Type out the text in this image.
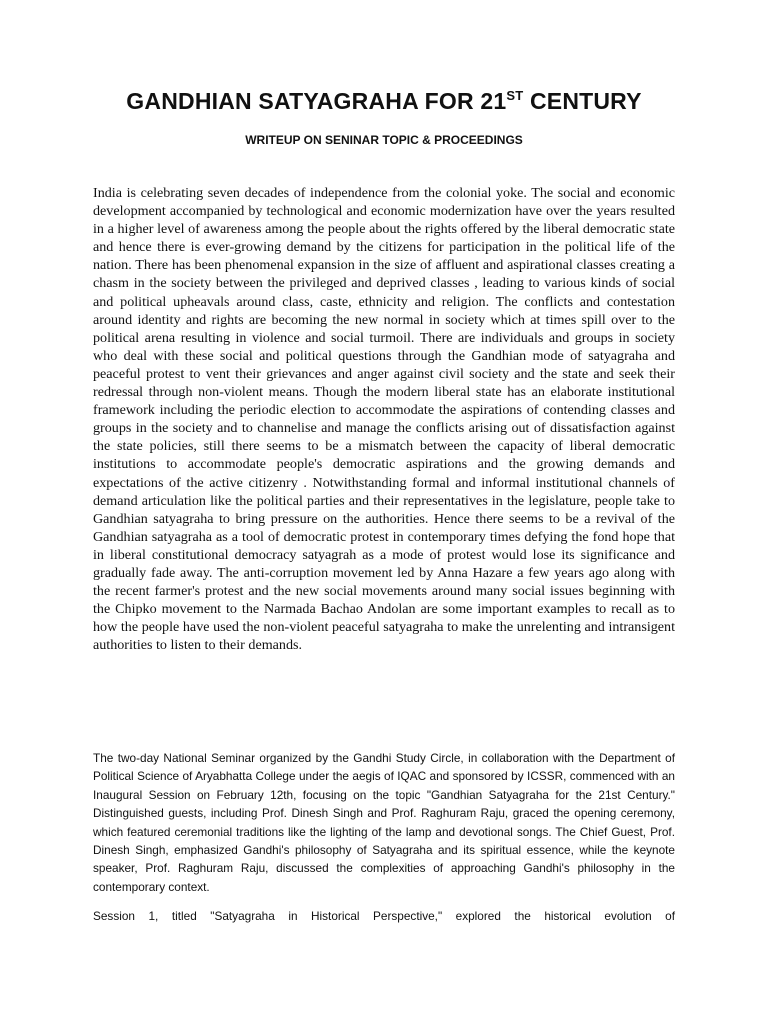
GANDHIAN SATYAGRAHA FOR 21ST CENTURY
WRITEUP ON SENINAR TOPIC & PROCEEDINGS

India is celebrating seven decades of independence from the colonial yoke. The social and economic development accompanied by technological and economic modernization have over the years resulted in a higher level of awareness among the people about the rights offered by the liberal democratic state and hence there is ever-growing demand by the citizens for participation in the political life of the nation. There has been phenomenal expansion in the size of affluent and aspirational classes creating a chasm in the society between the privileged and deprived classes , leading to various kinds of social and political upheavals around class, caste, ethnicity and religion. The conflicts and contestation around identity and rights are becoming the new normal in society which at times spill over to the political arena resulting in violence and social turmoil. There are individuals and groups in society who deal with these social and political questions through the Gandhian mode of satyagraha and peaceful protest to vent their grievances and anger against civil society and the state and seek their redressal through non-violent means. Though the modern liberal state has an elaborate institutional framework including the periodic election to accommodate the aspirations of contending classes and groups in the society and to channelise and manage the conflicts arising out of dissatisfaction against the state policies, still there seems to be a mismatch between the capacity of liberal democratic institutions to accommodate people's democratic aspirations and the growing demands and expectations of the active citizenry . Notwithstanding formal and informal institutional channels of demand articulation like the political parties and their representatives in the legislature, people take to Gandhian satyagraha to bring pressure on the authorities. Hence there seems to be a revival of the Gandhian satyagraha as a tool of democratic protest in contemporary times defying the fond hope that in liberal constitutional democracy satyagrah as a mode of protest would lose its significance and gradually fade away. The anti-corruption movement led by Anna Hazare a few years ago along with the recent farmer's protest and the new social movements around many social issues beginning with the Chipko movement to the Narmada Bachao Andolan are some important examples to recall as to how the people have used the non-violent peaceful satyagraha to make the unrelenting and intransigent authorities to listen to their demands.

The two-day National Seminar organized by the Gandhi Study Circle, in collaboration with the Department of Political Science of Aryabhatta College under the aegis of IQAC and sponsored by ICSSR, commenced with an Inaugural Session on February 12th, focusing on the topic "Gandhian Satyagraha for the 21st Century." Distinguished guests, including Prof. Dinesh Singh and Prof. Raghuram Raju, graced the opening ceremony, which featured ceremonial traditions like the lighting of the lamp and devotional songs. The Chief Guest, Prof. Dinesh Singh, emphasized Gandhi's philosophy of Satyagraha and its spiritual essence, while the keynote speaker, Prof. Raghuram Raju, discussed the complexities of approaching Gandhi's philosophy in the contemporary context.

Session 1, titled "Satyagraha in Historical Perspective," explored the historical evolution of
